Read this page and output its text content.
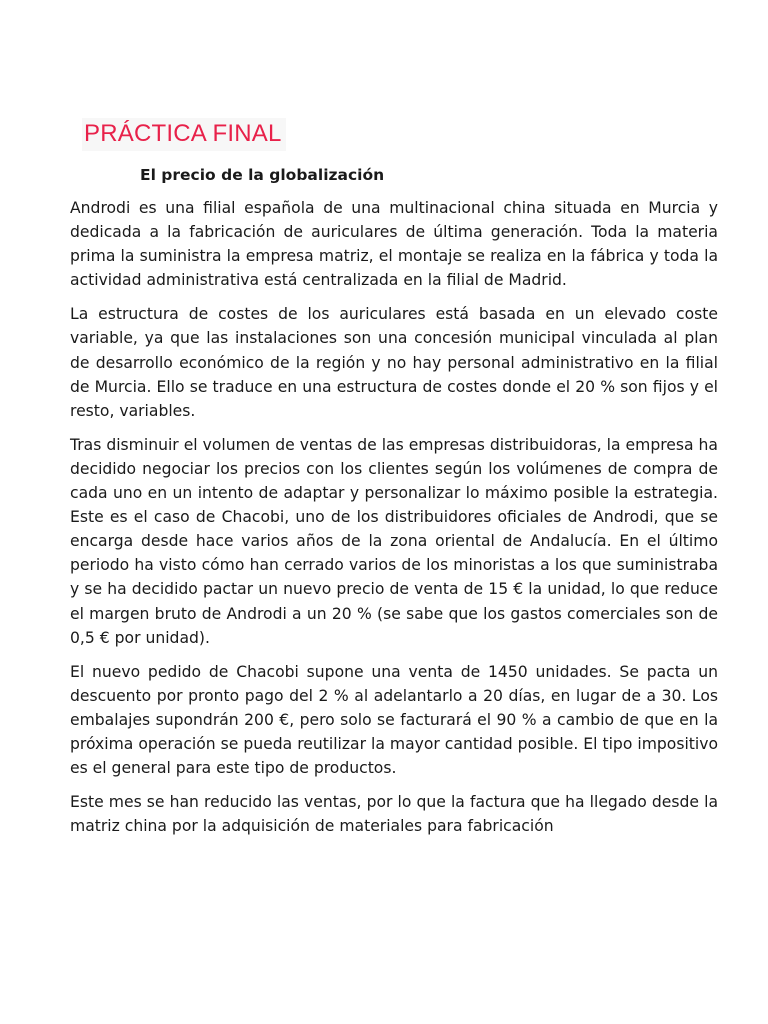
PRÁCTICA FINAL
El precio de la globalización

Androdi es una filial española de una multinacional china situada en Murcia y dedicada a la fabricación de auriculares de última generación. Toda la materia prima la suministra la empresa matriz, el montaje se realiza en la fábrica y toda la actividad administrativa está centralizada en la filial de Madrid.

La estructura de costes de los auriculares está basada en un elevado coste variable, ya que las instalaciones son una concesión municipal vinculada al plan de desarrollo económico de la región y no hay personal administrativo en la filial de Murcia. Ello se traduce en una estructura de costes donde el 20 % son fijos y el resto, variables.

Tras disminuir el volumen de ventas de las empresas distribuidoras, la empresa ha decidido negociar los precios con los clientes según los volúmenes de compra de cada uno en un intento de adaptar y personalizar lo máximo posible la estrategia. Este es el caso de Chacobi, uno de los distribuidores oficiales de Androdi, que se encarga desde hace varios años de la zona oriental de Andalucía. En el último periodo ha visto cómo han cerrado varios de los minoristas a los que suministraba y se ha decidido pactar un nuevo precio de venta de 15 € la unidad, lo que reduce el margen bruto de Androdi a un 20 % (se sabe que los gastos comerciales son de 0,5 € por unidad).

El nuevo pedido de Chacobi supone una venta de 1450 unidades. Se pacta un descuento por pronto pago del 2 % al adelantarlo a 20 días, en lugar de a 30. Los embalajes supondrán 200 €, pero solo se facturará el 90 % a cambio de que en la próxima operación se pueda reutilizar la mayor cantidad posible. El tipo impositivo es el general para este tipo de productos.

Este mes se han reducido las ventas, por lo que la factura que ha llegado desde la matriz china por la adquisición de materiales para fabricación
